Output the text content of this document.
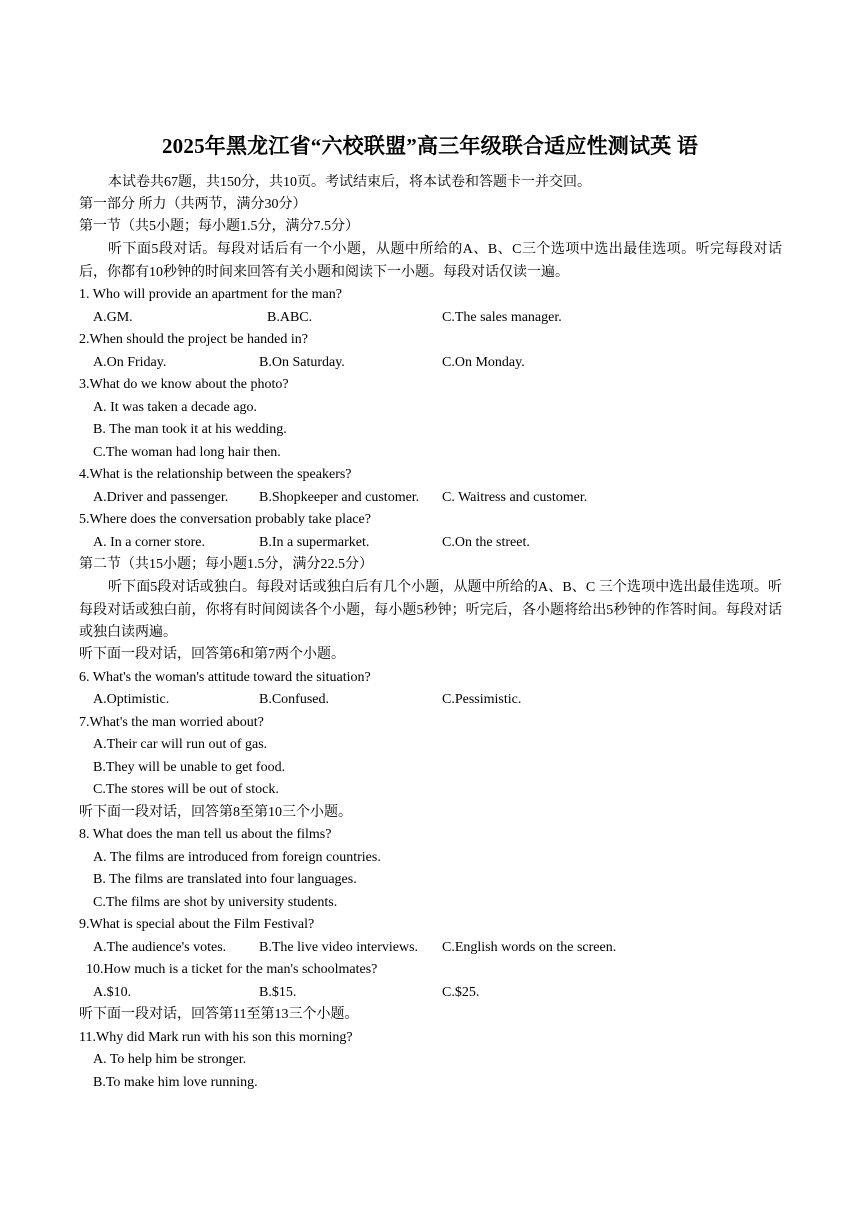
2025年黑龙江省“六校联盟”高三年级联合适应性测试英 语
本试卷共67题，共150分，共10页。考试结束后，将本试卷和答题卡一并交回。
第一部分 所力（共两节，满分30分）
第一节（共5小题；每小题1.5分，满分7.5分）
听下面5段对话。每段对话后有一个小题，从题中所给的A、B、C三个选项中选出最佳选项。听完每段对话后，你都有10秒钟的时间来回答有关小题和阅读下一小题。每段对话仅读一遍。
1. Who will provide an apartment for the man?
A.GM.	B.ABC.	C.The sales manager.
2.When should the project be handed in?
A.On Friday.	B.On Saturday.	C.On Monday.
3.What do we know about the photo?
A. It was taken a decade ago.
B. The man took it at his wedding.
C.The woman had long hair then.
4.What is the relationship between the speakers?
A.Driver and passenger. B.Shopkeeper and customer. C. Waitress and customer.
5.Where does the conversation probably take place?
A. In a corner store.	B.In a supermarket.	C.On the street.
第二节（共15小题；每小题1.5分，满分22.5分）
听下面5段对话或独白。每段对话或独白后有几个小题，从题中所给的A、B、C 三个选项中选出最佳选项。听每段对话或独白前，你将有时间阅读各个小题，每小题5秒钟；听完后，各小题将给出5秒钟的作答时间。每段对话或独白读两遍。
听下面一段对话，回答第6和第7两个小题。
6. What's the woman's attitude toward the situation?
A.Optimistic.	B.Confused.	C.Pessimistic.
7.What's the man worried about?
A.Their car will run out of gas.
B.They will be unable to get food.
C.The stores will be out of stock.
听下面一段对话，回答第8至第10三个小题。
8. What does the man tell us about the films?
A. The films are introduced from foreign countries.
B. The films are translated into four languages.
C.The films are shot by university students.
9.What is special about the Film Festival?
A.The audience's votes. B.The live video interviews. C.English words on the screen.
10.How much is a ticket for the man's schoolmates?
A.$10.	B.$15.	C.$25.
听下面一段对话，回答第11至第13三个小题。
11.Why did Mark run with his son this morning?
A. To help him be stronger.
B.To make him love running.
